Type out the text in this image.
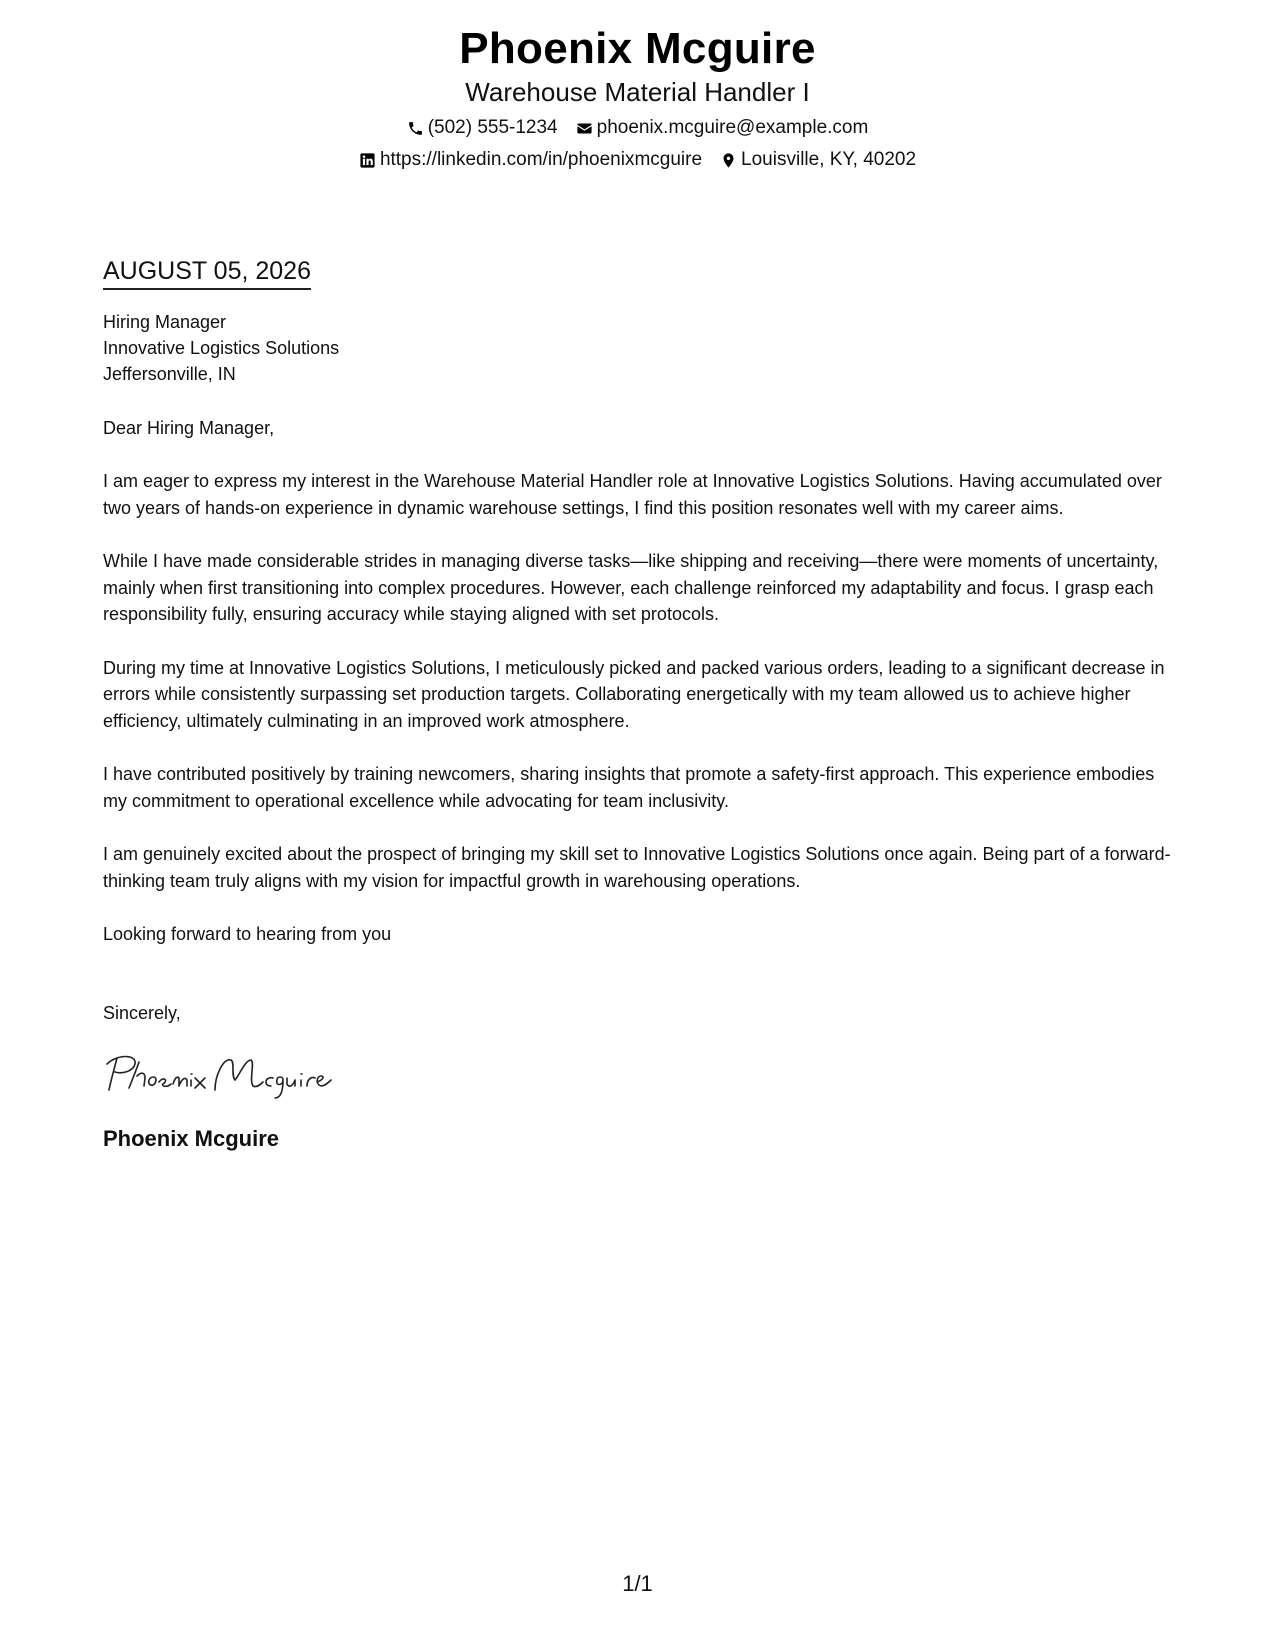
Phoenix Mcguire
Warehouse Material Handler I
(502) 555-1234 phoenix.mcguire@example.com
https://linkedin.com/in/phoenixmcguire Louisville, KY, 40202
AUGUST 05, 2026
Hiring Manager
Innovative Logistics Solutions
Jeffersonville, IN
Dear Hiring Manager,
I am eager to express my interest in the Warehouse Material Handler role at Innovative Logistics Solutions. Having accumulated over two years of hands-on experience in dynamic warehouse settings, I find this position resonates well with my career aims.
While I have made considerable strides in managing diverse tasks—like shipping and receiving—there were moments of uncertainty, mainly when first transitioning into complex procedures. However, each challenge reinforced my adaptability and focus. I grasp each responsibility fully, ensuring accuracy while staying aligned with set protocols.
During my time at Innovative Logistics Solutions, I meticulously picked and packed various orders, leading to a significant decrease in errors while consistently surpassing set production targets. Collaborating energetically with my team allowed us to achieve higher efficiency, ultimately culminating in an improved work atmosphere.
I have contributed positively by training newcomers, sharing insights that promote a safety-first approach. This experience embodies my commitment to operational excellence while advocating for team inclusivity.
I am genuinely excited about the prospect of bringing my skill set to Innovative Logistics Solutions once again. Being part of a forward-thinking team truly aligns with my vision for impactful growth in warehousing operations.
Looking forward to hearing from you
Sincerely,
Phoenix Mcguire
1/1
